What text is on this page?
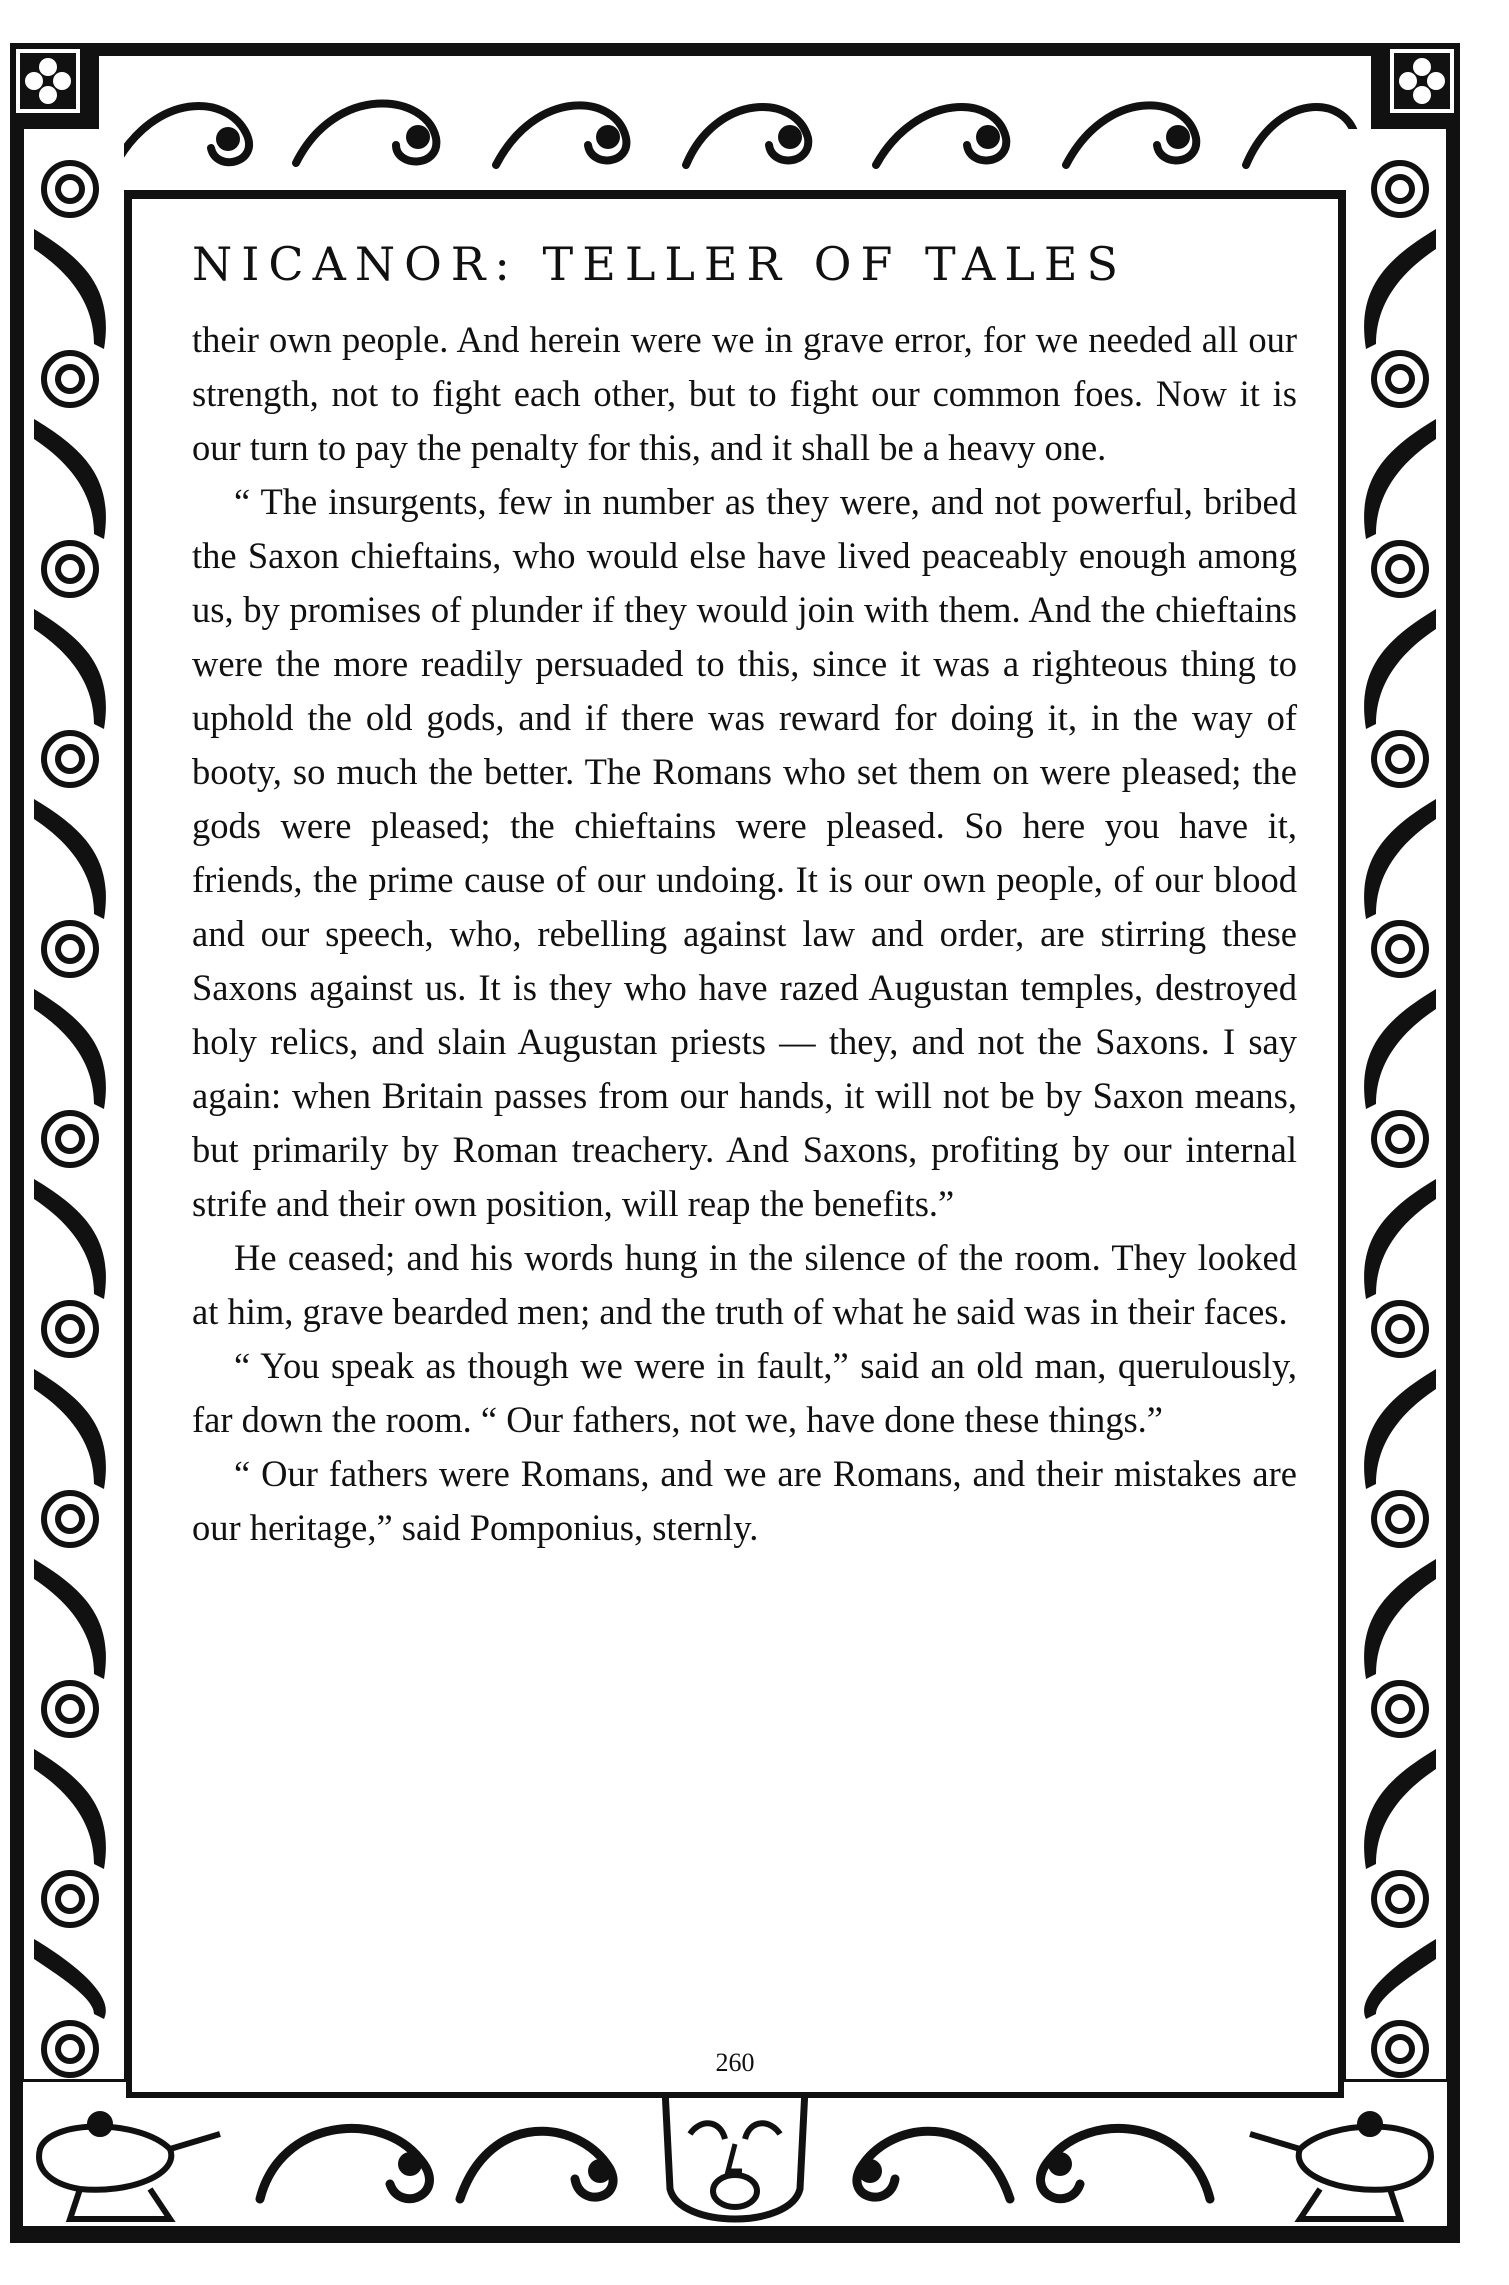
NICANOR: TELLER OF TALES

their own people. And herein were we in grave error, for we needed all our strength, not to fight each other, but to fight our common foes. Now it is our turn to pay the penalty for this, and it shall be a heavy one.

“ The insurgents, few in number as they were, and not powerful, bribed the Saxon chieftains, who would else have lived peaceably enough among us, by promises of plunder if they would join with them. And the chieftains were the more readily persuaded to this, since it was a righteous thing to uphold the old gods, and if there was reward for doing it, in the way of booty, so much the better. The Romans who set them on were pleased; the gods were pleased; the chieftains were pleased. So here you have it, friends, the prime cause of our undoing. It is our own people, of our blood and our speech, who, rebelling against law and order, are stirring these Saxons against us. It is they who have razed Augustan temples, destroyed holy relics, and slain Augustan priests — they, and not the Saxons. I say again: when Britain passes from our hands, it will not be by Saxon means, but primarily by Roman treachery. And Saxons, profiting by our internal strife and their own position, will reap the benefits.”

He ceased; and his words hung in the silence of the room. They looked at him, grave bearded men; and the truth of what he said was in their faces.

“ You speak as though we were in fault,” said an old man, querulously, far down the room. “ Our fathers, not we, have done these things.”

“ Our fathers were Romans, and we are Romans, and their mistakes are our heritage,” said Pomponius, sternly.

260
